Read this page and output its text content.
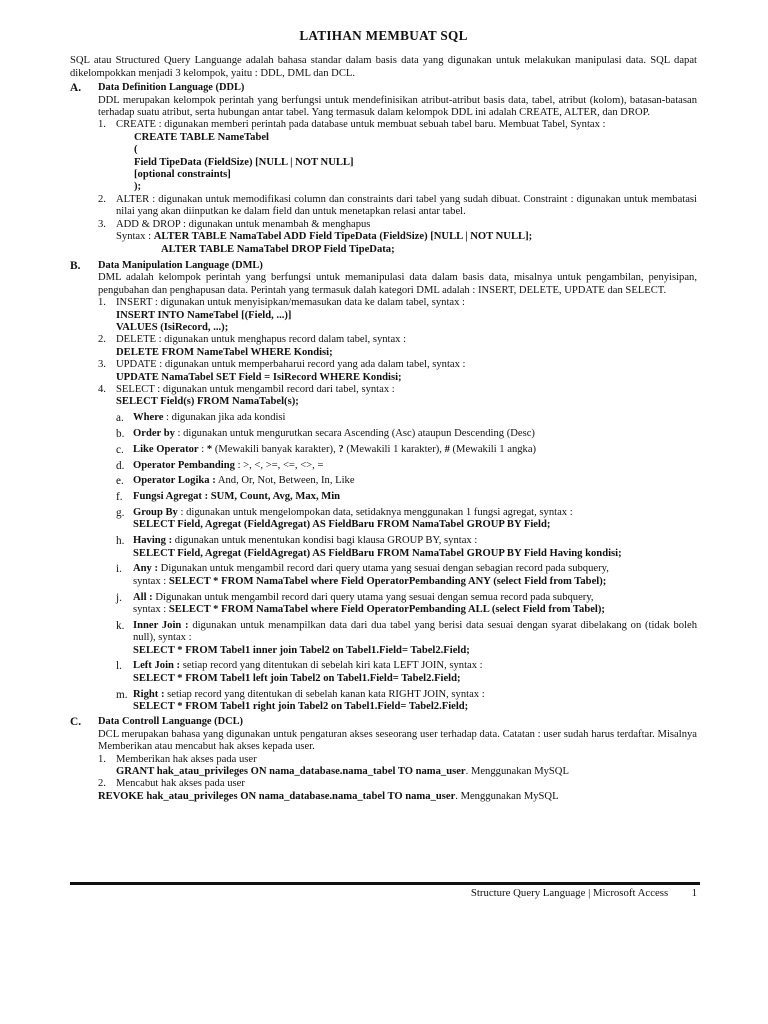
LATIHAN MEMBUAT SQL

SQL atau Structured Query Languange adalah bahasa standar dalam basis data yang digunakan untuk melakukan manipulasi data. SQL dapat dikelompokkan menjadi 3 kelompok, yaitu : DDL, DML dan DCL.

A. Data Definition Language (DDL)

DDL merupakan kelompok perintah yang berfungsi untuk mendefinisikan atribut-atribut basis data, tabel, atribut (kolom), batasan-batasan terhadap suatu atribut, serta hubungan antar tabel. Yang termasuk dalam kelompok DDL ini adalah CREATE, ALTER, dan DROP.

1. CREATE : digunakan memberi perintah pada database untuk membuat sebuah tabel baru. Membuat Tabel, Syntax :

CREATE TABLE NameTabel
(
Field TipeData (FieldSize) [NULL | NOT NULL]
[optional constraints]
);
2. ALTER : digunakan untuk memodifikasi column dan constraints dari tabel yang sudah dibuat. Constraint : digunakan untuk membatasi nilai yang akan diinputkan ke dalam field dan untuk menetapkan relasi antar tabel.

3. ADD & DROP : digunakan untuk menambah & menghapus

Syntax : ALTER TABLE NamaTabel ADD Field TipeData (FieldSize) [NULL | NOT NULL];
ALTER TABLE NamaTabel DROP Field TipeData;
B. Data Manipulation Language (DML)

DML adalah kelompok perintah yang berfungsi untuk memanipulasi data dalam basis data, misalnya untuk pengambilan, penyisipan, pengubahan dan penghapusan data. Perintah yang termasuk dalah kategori DML adalah : INSERT, DELETE, UPDATE dan SELECT.

1. INSERT : digunakan untuk menyisipkan/memasukan data ke dalam tabel, syntax :

INSERT INTO NameTabel [(Field, ...)]
VALUES (IsiRecord, ...);
2. DELETE : digunakan untuk menghapus record dalam tabel, syntax :

DELETE FROM NameTabel WHERE Kondisi;
3. UPDATE : digunakan untuk memperbaharui record yang ada dalam tabel, syntax :

UPDATE NamaTabel SET Field = IsiRecord WHERE Kondisi;
4. SELECT : digunakan untuk mengambil record dari tabel, syntax :

SELECT Field(s) FROM NamaTabel(s);
a. Where : digunakan jika ada kondisi
b. Order by : digunakan untuk mengurutkan secara Ascending (Asc) ataupun Descending (Desc)
c. Like Operator : * (Mewakili banyak karakter), ? (Mewakili 1 karakter), # (Mewakili 1 angka)
d. Operator Pembanding : >, <, >=, <=, <>, =
e. Operator Logika : And, Or, Not, Between, In, Like
f. Fungsi Agregat : SUM, Count, Avg, Max, Min
g. Group By : digunakan untuk mengelompokan data, setidaknya menggunakan 1 fungsi agregat, syntax :
SELECT Field, Agregat (FieldAgregat) AS FieldBaru FROM NamaTabel GROUP BY Field;
h. Having : digunakan untuk menentukan kondisi bagi klausa GROUP BY, syntax :
SELECT Field, Agregat (FieldAgregat) AS FieldBaru FROM NamaTabel GROUP BY Field Having kondisi;
i. Any : Digunakan untuk mengambil record dari query utama yang sesuai dengan sebagian record pada subquery,
syntax : SELECT * FROM NamaTabel where Field OperatorPembanding ANY (select Field from Tabel);
j. All : Digunakan untuk mengambil record dari query utama yang sesuai dengan semua record pada subquery,
syntax : SELECT * FROM NamaTabel where Field OperatorPembanding ALL (select Field from Tabel);
k. Inner Join : digunakan untuk menampilkan data dari dua tabel yang berisi data sesuai dengan syarat dibelakang on (tidak boleh null), syntax :

SELECT * FROM Tabel1 inner join Tabel2 on Tabel1.Field= Tabel2.Field;
l. Left Join : setiap record yang ditentukan di sebelah kiri kata LEFT JOIN, syntax :
SELECT * FROM Tabel1 left join Tabel2 on Tabel1.Field= Tabel2.Field;
m. Right : setiap record yang ditentukan di sebelah kanan kata RIGHT JOIN, syntax :
SELECT * FROM Tabel1 right join Tabel2 on Tabel1.Field= Tabel2.Field;
C. Data Controll Languange (DCL)

DCL merupakan bahasa yang digunakan untuk pengaturan akses seseorang user terhadap data. Catatan : user sudah harus terdaftar. Misalnya Memberikan atau mencabut hak akses kepada user.

1. Memberikan hak akses pada user

GRANT hak_atau_privileges ON nama_database.nama_tabel TO nama_user. Menggunakan MySQL
2. Mencabut hak akses pada user

REVOKE hak_atau_privileges ON nama_database.nama_tabel TO nama_user. Menggunakan MySQL
Structure Query Language | Microsoft Access 1
